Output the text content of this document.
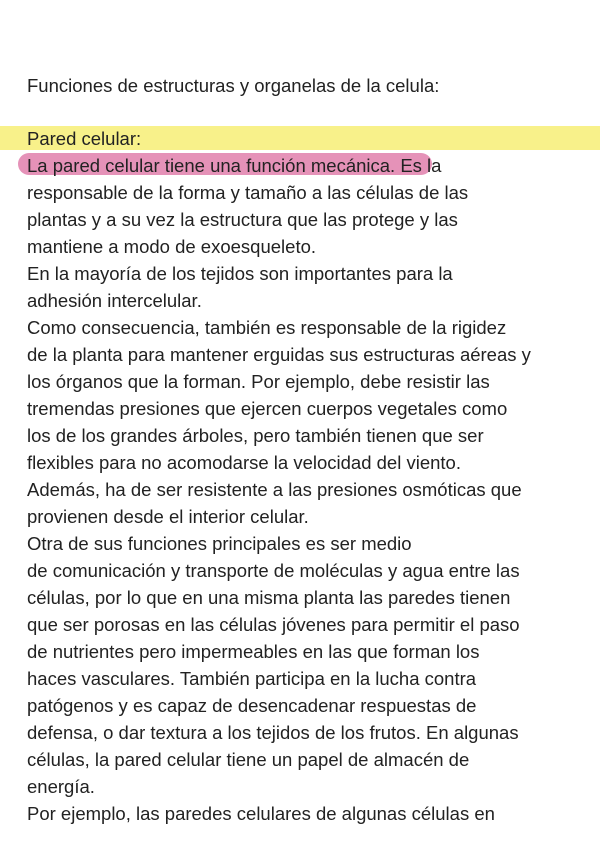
Funciones de estructuras y organelas de la celula:

Pared celular:

La pared celular tiene una función mecánica. Es la
responsable de la forma y tamaño a las células de las
plantas y a su vez la estructura que las protege y las
mantiene a modo de exoesqueleto.
En la mayoría de los tejidos son importantes para la
adhesión intercelular.
Como consecuencia, también es responsable de la rigidez
de la planta para mantener erguidas sus estructuras aéreas y
los órganos que la forman. Por ejemplo, debe resistir las
tremendas presiones que ejercen cuerpos vegetales como
los de los grandes árboles, pero también tienen que ser
flexibles para no acomodarse la velocidad del viento.
Además, ha de ser resistente a las presiones osmóticas que
provienen desde el interior celular.
Otra de sus funciones principales es ser medio
de comunicación y transporte de moléculas y agua entre las
células, por lo que en una misma planta las paredes tienen
que ser porosas en las células jóvenes para permitir el paso
de nutrientes pero impermeables en las que forman los
haces vasculares. También participa en la lucha contra
patógenos y es capaz de desencadenar respuestas de
defensa, o dar textura a los tejidos de los frutos. En algunas
células, la pared celular tiene un papel de almacén de
energía.
Por ejemplo, las paredes celulares de algunas células en
